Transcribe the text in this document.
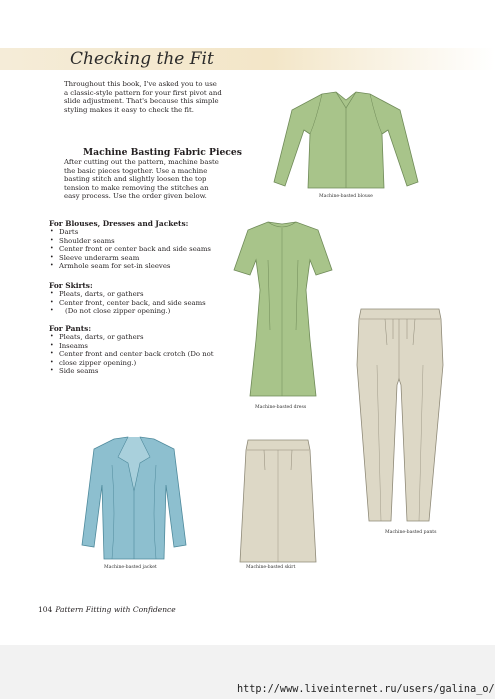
Checking the Fit
Throughout this book, I've asked you to use a classic-style pattern for your first pivot and slide adjustment. That's because this simple styling makes it easy to check the fit.
Machine Basting Fabric Pieces
After cutting out the pattern, machine baste the basic pieces together. Use a machine basting stitch and slightly loosen the top tension to make removing the stitches an easy process. Use the order given below.
For Blouses, Dresses and Jackets:
• Darts
• Shoulder seams
• Center front or center back and side seams
• Sleeve underarm seam
• Armhole seam for set-in sleeves
For Skirts:
• Pleats, darts, or gathers
• Center front, center back, and side seams
• (Do not close zipper opening.)
For Pants:
• Pleats, darts, or gathers
• Inseams
• Center front and center back crotch (Do not
• close zipper opening.)
• Side seams
Machine-basted blouse
Machine-basted dress
Machine-basted pants
Machine-basted jacket	Machine-basted skirt
104 Pattern Fitting with Confidence
http://www.liveinternet.ru/users/galina_o/
